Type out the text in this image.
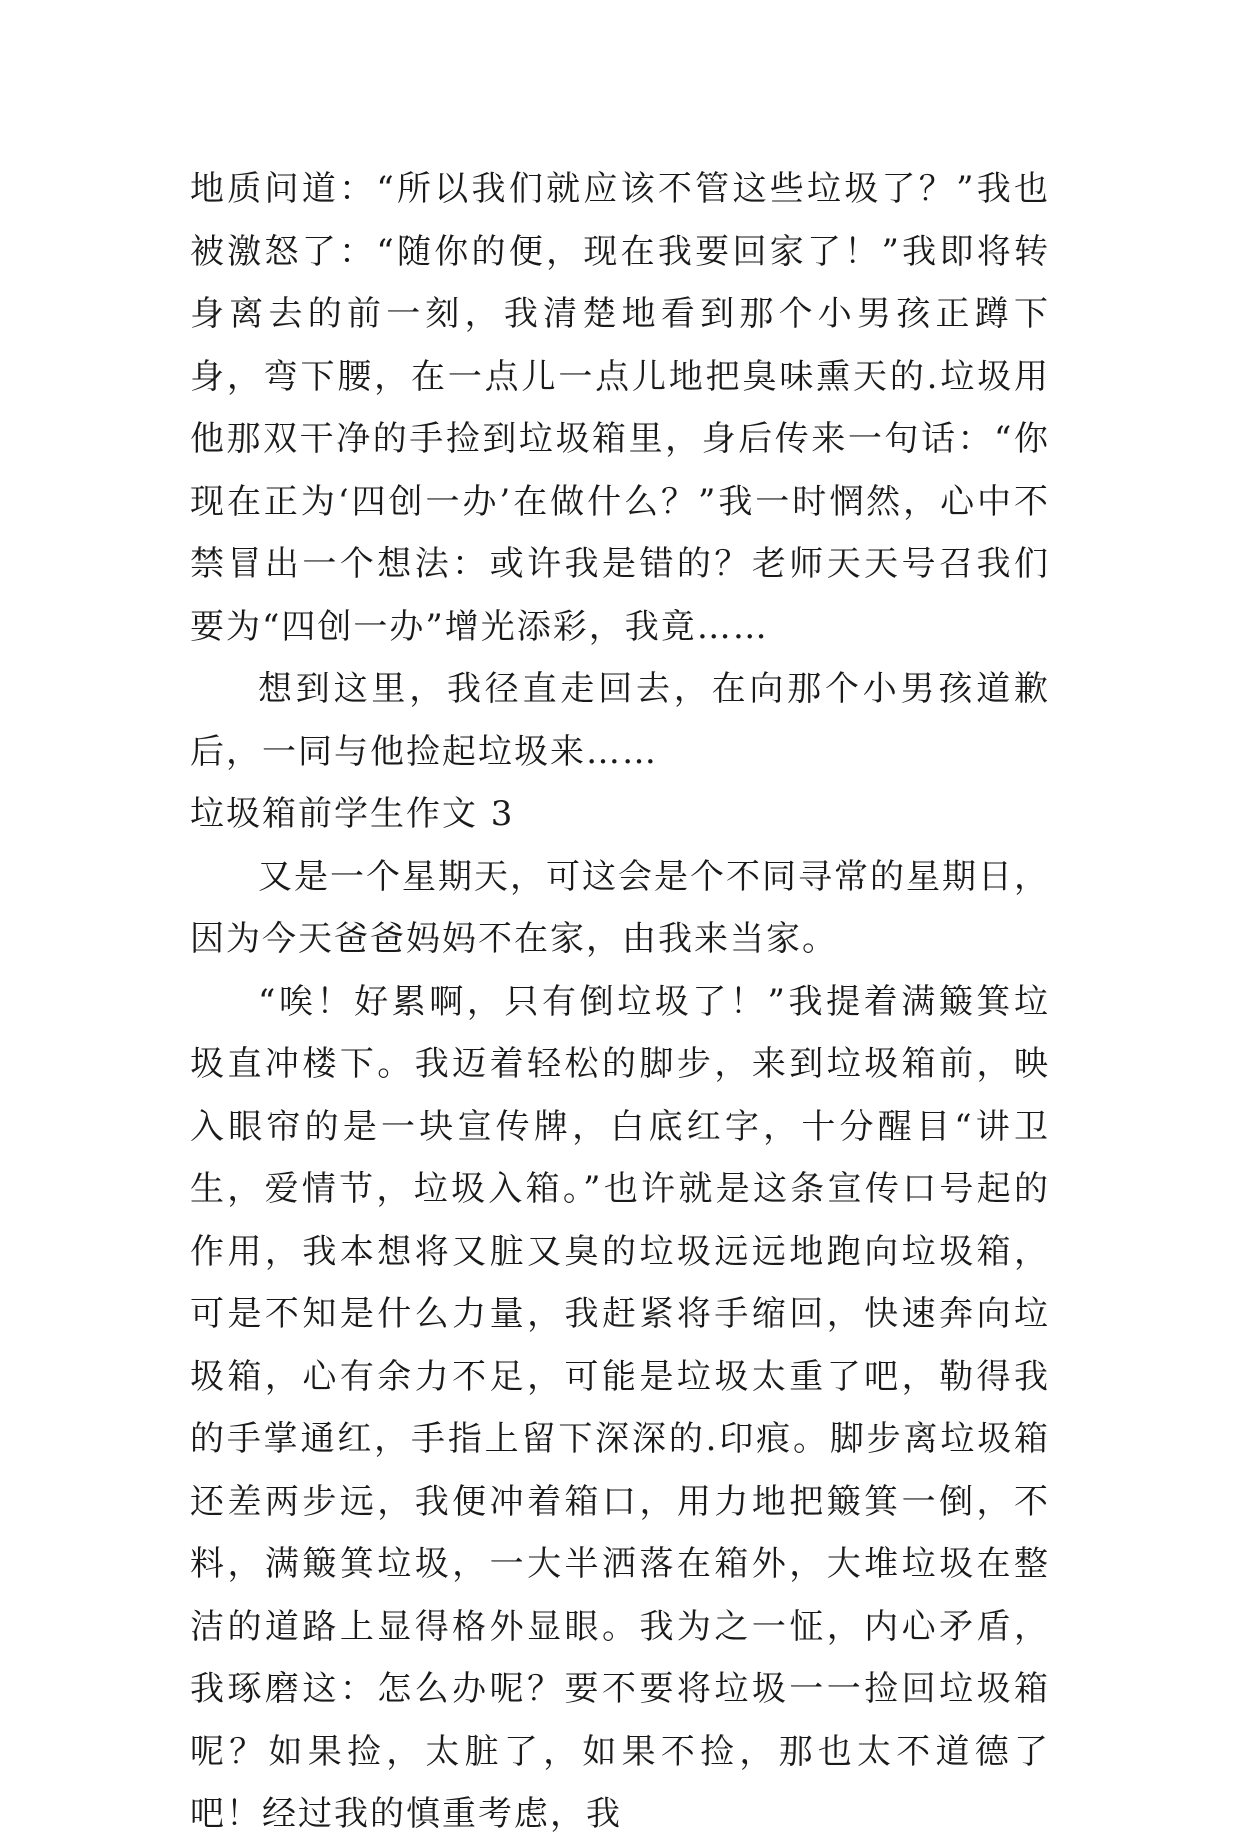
地质问道：“所以我们就应该不管这些垃圾了？”我也被激怒了：“随你的便，现在我要回家了！”我即将转身离去的前一刻，我清楚地看到那个小男孩正蹲下身，弯下腰，在一点儿一点儿地把臭味熏天的.垃圾用他那双干净的手捡到垃圾箱里，身后传来一句话：“你现在正为‘四创一办’在做什么？”我一时惘然，心中不禁冒出一个想法：或许我是错的？老师天天号召我们要为“四创一办”增光添彩，我竟……

想到这里，我径直走回去，在向那个小男孩道歉后，一同与他捡起垃圾来……

垃圾箱前学生作文 3

又是一个星期天，可这会是个不同寻常的星期日，因为今天爸爸妈妈不在家，由我来当家。

“唉！好累啊，只有倒垃圾了！”我提着满簸箕垃圾直冲楼下。我迈着轻松的脚步，来到垃圾箱前，映入眼帘的是一块宣传牌，白底红字，十分醒目“讲卫生，爱情节，垃圾入箱。”也许就是这条宣传口号起的作用，我本想将又脏又臭的垃圾远远地跑向垃圾箱，可是不知是什么力量，我赶紧将手缩回，快速奔向垃圾箱，心有余力不足，可能是垃圾太重了吧，勒得我的手掌通红，手指上留下深深的.印痕。脚步离垃圾箱还差两步远，我便冲着箱口，用力地把簸箕一倒，不料，满簸箕垃圾，一大半洒落在箱外，大堆垃圾在整洁的道路上显得格外显眼。我为之一怔，内心矛盾，我琢磨这：怎么办呢？要不要将垃圾一一捡回垃圾箱呢？如果捡，太脏了，如果不捡，那也太不道德了吧！经过我的慎重考虑，我
